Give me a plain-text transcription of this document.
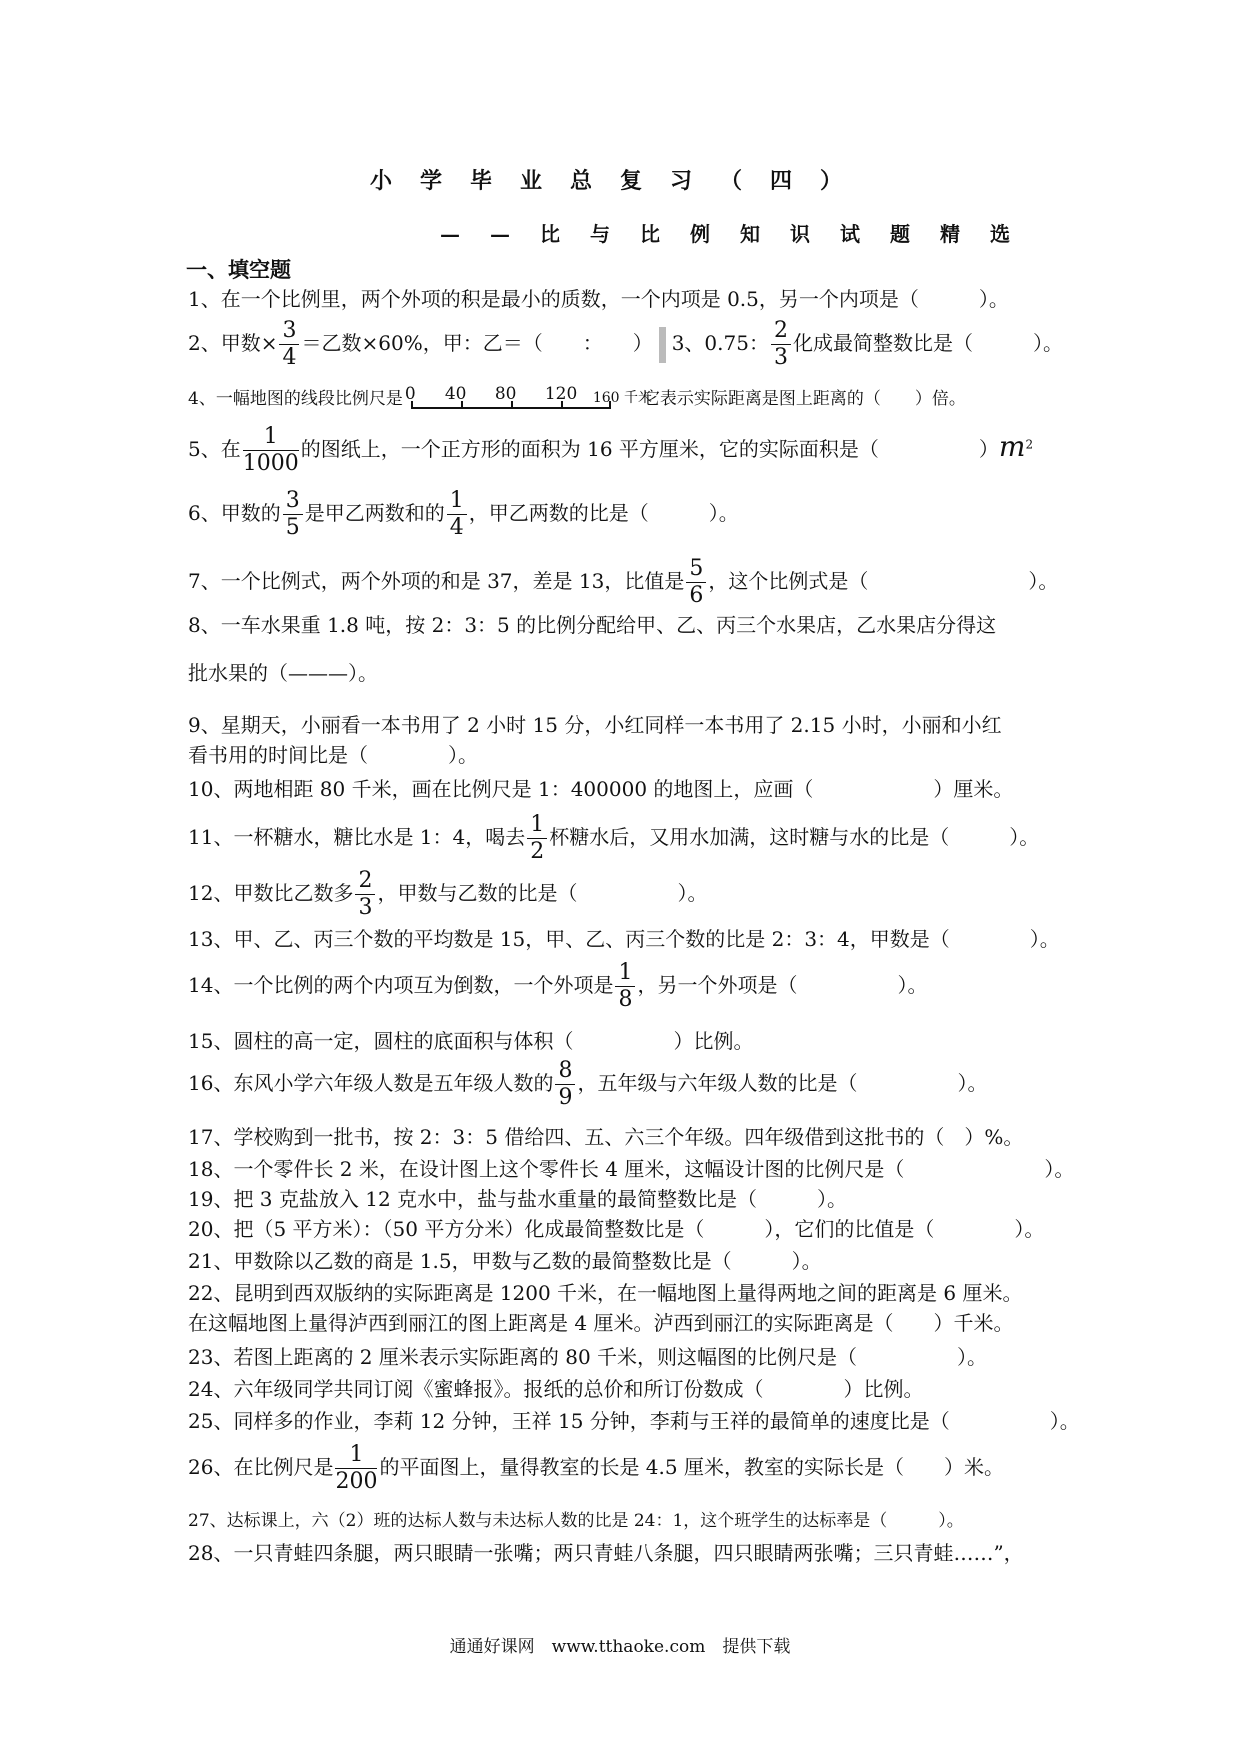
小学毕业总复习（四）
——比与比例知识试题精选
一、填空题
1、在一个比例里，两个外项的积是最小的质数，一个内项是 0.5，另一个内项是（　　　）。
2、甲数× $\frac{3}{4}$ ＝乙数×60%，甲：乙＝（　　：　　） 3、0.75： $\frac{2}{3}$ 化成最简整数比是（　　　）。
4、一幅地图的线段比例尺是 0 40 80 120 160 千米
它表示实际距离是图上距离的（　　）倍。
5、在 $\frac{1}{1000}$ 的图纸上，一个正方形的面积为 16 平方厘米，它的实际面积是（　　　　　）$m^2$
6、甲数的 $\frac{3}{5}$ 是甲乙两数和的 $\frac{1}{4}$ ，甲乙两数的比是（　　　）。
7、一个比例式，两个外项的和是 37，差是 13，比值是 $\frac{5}{6}$ ，这个比例式是（　　　　　　　　）。
8、一车水果重 1.8 吨，按 2：3：5 的比例分配给甲、乙、丙三个水果店，乙水果店分得这
批水果的（———）。
9、星期天，小丽看一本书用了 2 小时 15 分，小红同样一本书用了 2.15 小时，小丽和小红
看书用的时间比是（　　　　）。
10、两地相距 80 千米，画在比例尺是 1：400000 的地图上，应画（　　　　　　）厘米。
11、一杯糖水，糖比水是 1：4，喝去 $\frac{1}{2}$ 杯糖水后，又用水加满，这时糖与水的比是（　　　）。
12、甲数比乙数多 $\frac{2}{3}$ ，甲数与乙数的比是（　　　　　）。
13、甲、乙、丙三个数的平均数是 15，甲、乙、丙三个数的比是 2：3：4，甲数是（　　　　）。
14、一个比例的两个内项互为倒数，一个外项是 $\frac{1}{8}$ ，另一个外项是（　　　　　）。
15、圆柱的高一定，圆柱的底面积与体积（　　　　　）比例。
16、东风小学六年级人数是五年级人数的 $\frac{8}{9}$ ，五年级与六年级人数的比是（　　　　　）。
17、学校购到一批书，按 2：3：5 借给四、五、六三个年级。四年级借到这批书的（　）%。
18、一个零件长 2 米，在设计图上这个零件长 4 厘米，这幅设计图的比例尺是（　　　　　　　）。
19、把 3 克盐放入 12 克水中，盐与盐水重量的最简整数比是（　　　）。
20、把（5 平方米）：（50 平方分米）化成最简整数比是（　　　），它们的比值是（　　　　）。
21、甲数除以乙数的商是 1.5，甲数与乙数的最简整数比是（　　　）。
22、昆明到西双版纳的实际距离是 1200 千米，在一幅地图上量得两地之间的距离是 6 厘米。
在这幅地图上量得泸西到丽江的图上距离是 4 厘米。泸西到丽江的实际距离是（　　）千米。
23、若图上距离的 2 厘米表示实际距离的 80 千米，则这幅图的比例尺是（　　　　　）。
24、六年级同学共同订阅《蜜蜂报》。报纸的总价和所订份数成（　　　　）比例。
25、同样多的作业，李莉 12 分钟，王祥 15 分钟，李莉与王祥的最简单的速度比是（　　　　　）。
26、在比例尺是 $\frac{1}{200}$ 的平面图上，量得教室的长是 4.5 厘米，教室的实际长是（　　）米。
27、达标课上，六（2）班的达标人数与未达标人数的比是 24：1，这个班学生的达标率是（　　　）。
28、一只青蛙四条腿，两只眼睛一张嘴；两只青蛙八条腿，四只眼睛两张嘴；三只青蛙……”，
通通好课网　www.tthaoke.com　提供下载
